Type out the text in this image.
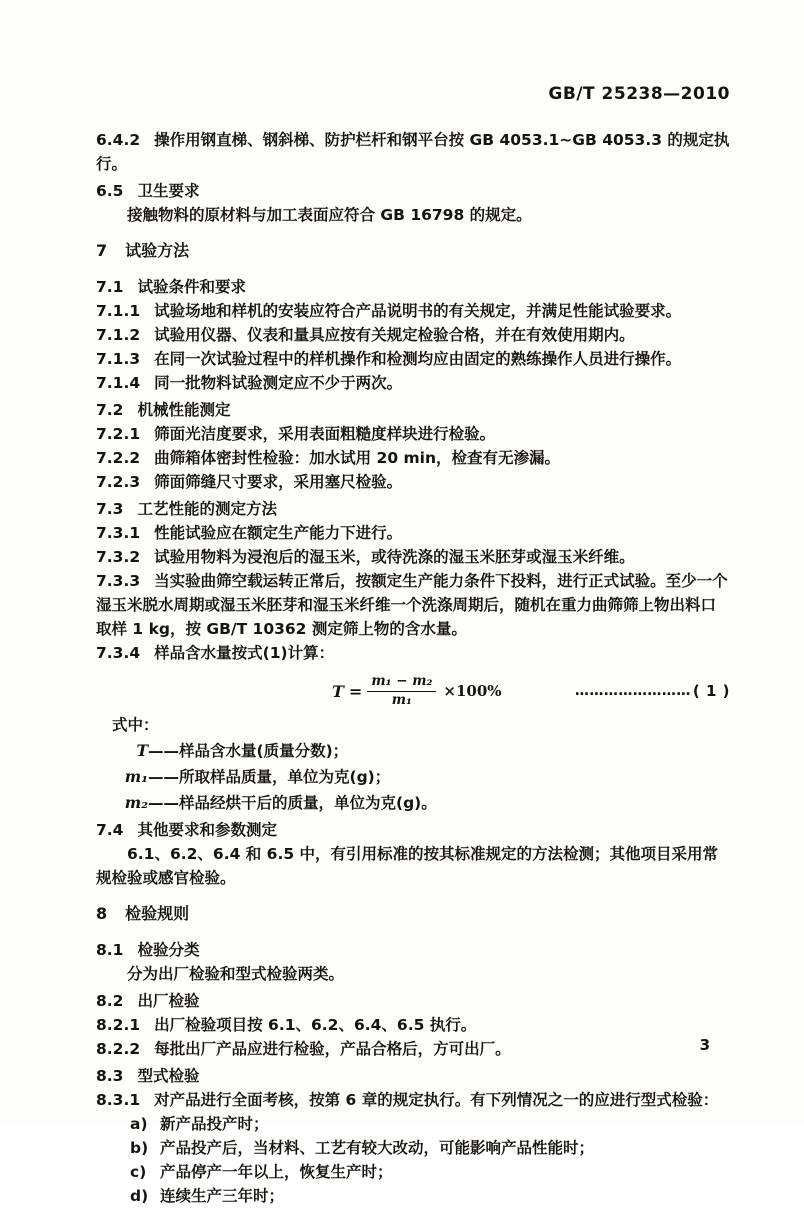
GB/T 25238—2010
6.4.2 操作用钢直梯、钢斜梯、防护栏杆和钢平台按 GB 4053.1~GB 4053.3 的规定执行。
6.5 卫生要求
接触物料的原材料与加工表面应符合 GB 16798 的规定。
7 试验方法
7.1 试验条件和要求
7.1.1 试验场地和样机的安装应符合产品说明书的有关规定，并满足性能试验要求。
7.1.2 试验用仪器、仪表和量具应按有关规定检验合格，并在有效使用期内。
7.1.3 在同一次试验过程中的样机操作和检测均应由固定的熟练操作人员进行操作。
7.1.4 同一批物料试验测定应不少于两次。
7.2 机械性能测定
7.2.1 筛面光洁度要求，采用表面粗糙度样块进行检验。
7.2.2 曲筛箱体密封性检验：加水试用 20 min，检查有无渗漏。
7.2.3 筛面筛缝尺寸要求，采用塞尺检验。
7.3 工艺性能的测定方法
7.3.1 性能试验应在额定生产能力下进行。
7.3.2 试验用物料为浸泡后的湿玉米，或待洗涤的湿玉米胚芽或湿玉米纤维。
7.3.3 当实验曲筛空载运转正常后，按额定生产能力条件下投料，进行正式试验。至少一个湿玉米脱水周期或湿玉米胚芽和湿玉米纤维一个洗涤周期后，随机在重力曲筛筛上物出料口取样 1 kg，按 GB/T 10362 测定筛上物的含水量。
7.3.4 样品含水量按式(1)计算：
$T = \frac{\text{m₁ − m₂}}{\text{m₁}} \times 100\%$	…………………… ( 1 )
式中：
T——样品含水量(质量分数)；
m₁——所取样品质量，单位为克(g)；
m₂——样品经烘干后的质量，单位为克(g)。
7.4 其他要求和参数测定
6.1、6.2、6.4 和 6.5 中，有引用标准的按其标准规定的方法检测；其他项目采用常规检验或感官检验。
8 检验规则
8.1 检验分类
分为出厂检验和型式检验两类。
8.2 出厂检验
8.2.1 出厂检验项目按 6.1、6.2、6.4、6.5 执行。
8.2.2 每批出厂产品应进行检验，产品合格后，方可出厂。
8.3 型式检验
8.3.1 对产品进行全面考核，按第 6 章的规定执行。有下列情况之一的应进行型式检验：
a) 新产品投产时；
b) 产品投产后，当材料、工艺有较大改动，可能影响产品性能时；
c) 产品停产一年以上，恢复生产时；
d) 连续生产三年时；
3
